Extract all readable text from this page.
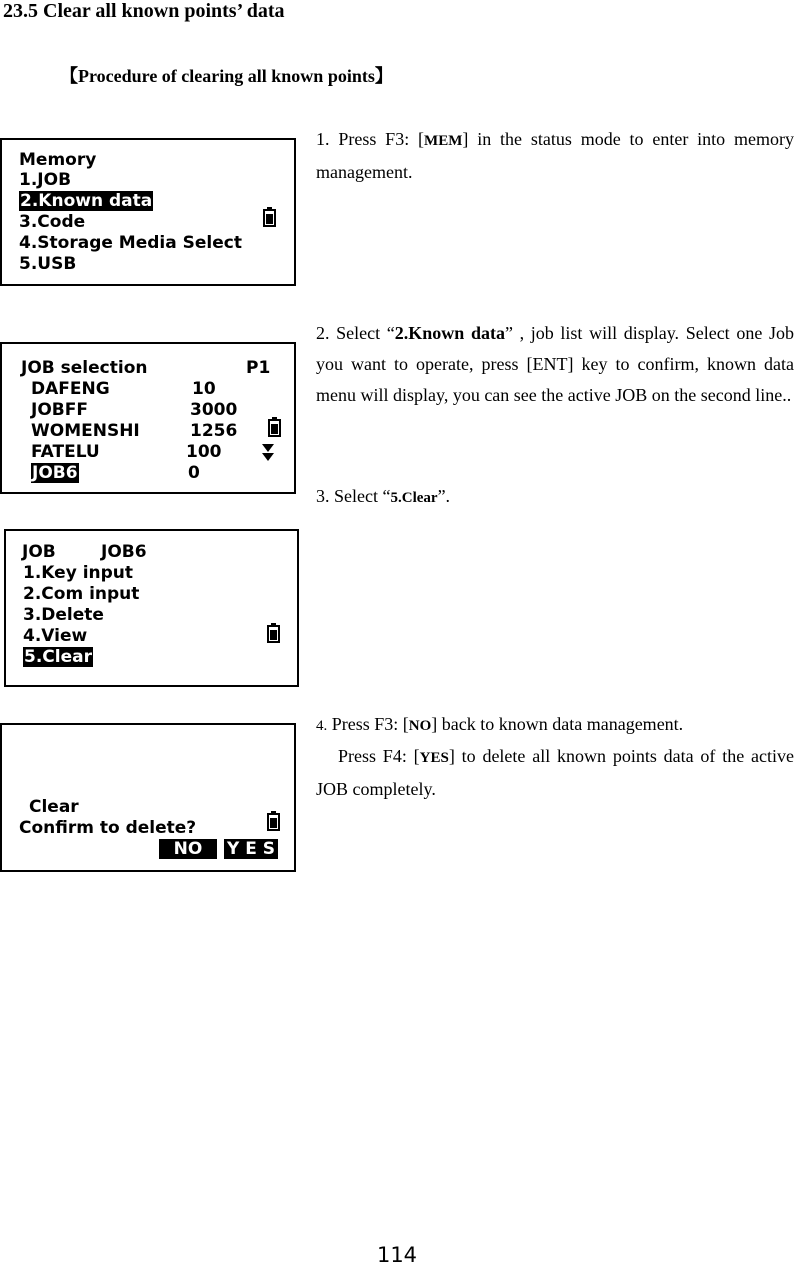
23.5 Clear all known points’ data
【Procedure of clearing all known points】
Memory
1.JOB
2.Known data
3.Code
4.Storage Media Select
5.USB
JOB selection	P1
DAFENG	10
JOBFF	3000
WOMENSHI	1256
FATELU	100
JOB6	0
JOB	JOB6
1.Key input
2.Com input
3.Delete
4.View
5.Clear
Clear
Confirm to delete?
NO	Y E S
1. Press F3: [MEM] in the status mode to enter into memory management.
2. Select “2.Known data” , job list will display. Select one Job you want to operate, press [ENT] key to confirm, known data menu will display, you can see the active JOB on the second line..
3. Select “5.Clear”.
4. Press F3: [NO] back to known data management.
Press F4: [YES] to delete all known points data of the active JOB completely.
114
